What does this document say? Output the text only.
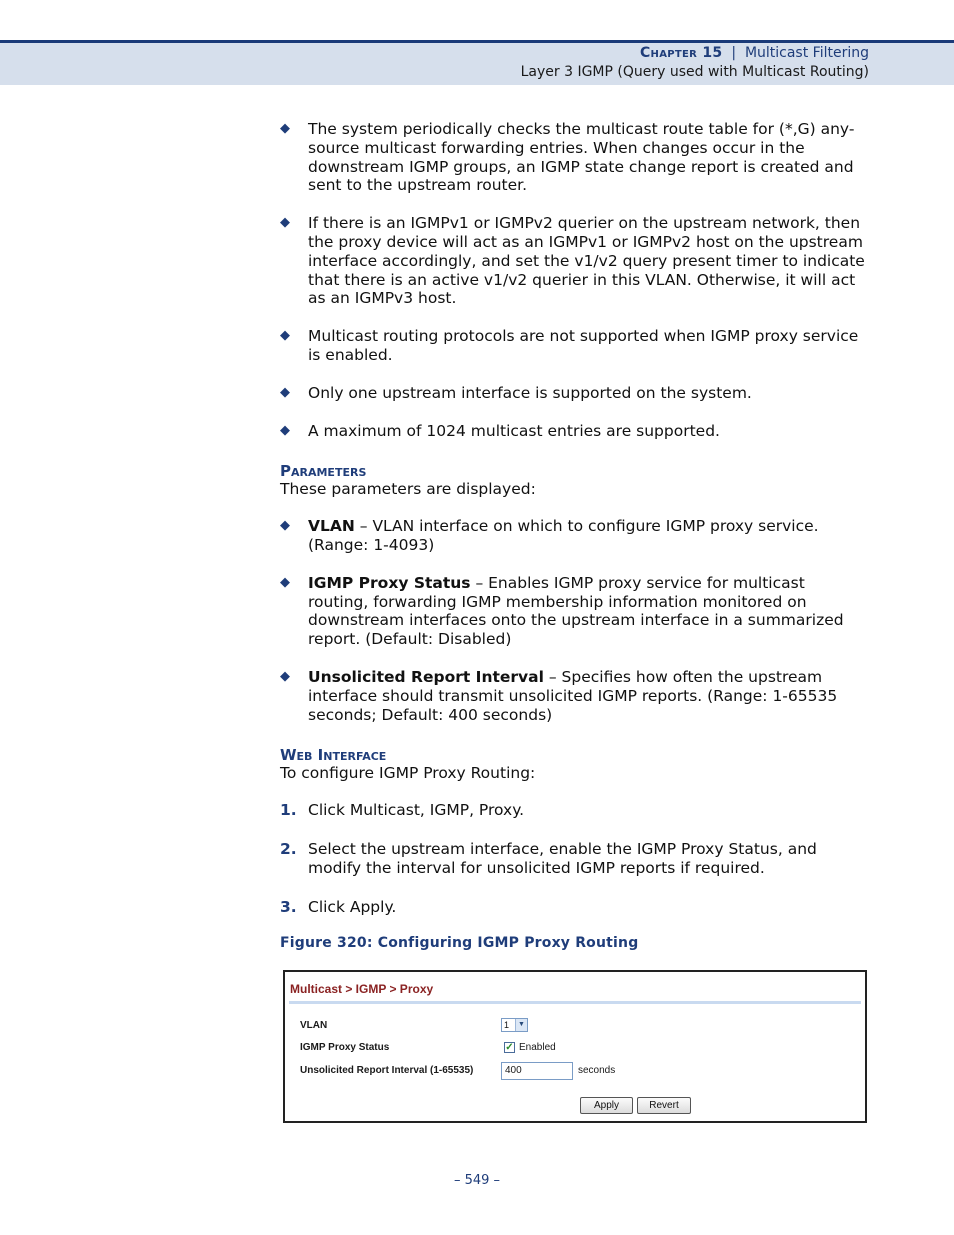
Chapter 15 | Multicast Filtering
Layer 3 IGMP (Query used with Multicast Routing)
◆ The system periodically checks the multicast route table for (*,G) any-source multicast forwarding entries. When changes occur in the downstream IGMP groups, an IGMP state change report is created and sent to the upstream router.
◆ If there is an IGMPv1 or IGMPv2 querier on the upstream network, then the proxy device will act as an IGMPv1 or IGMPv2 host on the upstream interface accordingly, and set the v1/v2 query present timer to indicate that there is an active v1/v2 querier in this VLAN. Otherwise, it will act as an IGMPv3 host.
◆ Multicast routing protocols are not supported when IGMP proxy service is enabled.
◆ Only one upstream interface is supported on the system.
◆ A maximum of 1024 multicast entries are supported.

Parameters

These parameters are displayed:

◆ VLAN – VLAN interface on which to configure IGMP proxy service. (Range: 1-4093)
◆ IGMP Proxy Status – Enables IGMP proxy service for multicast routing, forwarding IGMP membership information monitored on downstream interfaces onto the upstream interface in a summarized report. (Default: Disabled)
◆ Unsolicited Report Interval – Specifies how often the upstream interface should transmit unsolicited IGMP reports. (Range: 1-65535 seconds; Default: 400 seconds)

Web Interface

To configure IGMP Proxy Routing:

1. Click Multicast, IGMP, Proxy.
2. Select the upstream interface, enable the IGMP Proxy Status, and modify the interval for unsolicited IGMP reports if required.
3. Click Apply.

Figure 320: Configuring IGMP Proxy Routing

Multicast > IGMP > Proxy
VLAN	1	▼
IGMP Proxy Status	✓ Enabled
Unsolicited Report Interval (1-65535)	400	seconds
Apply	Revert
– 549 –
